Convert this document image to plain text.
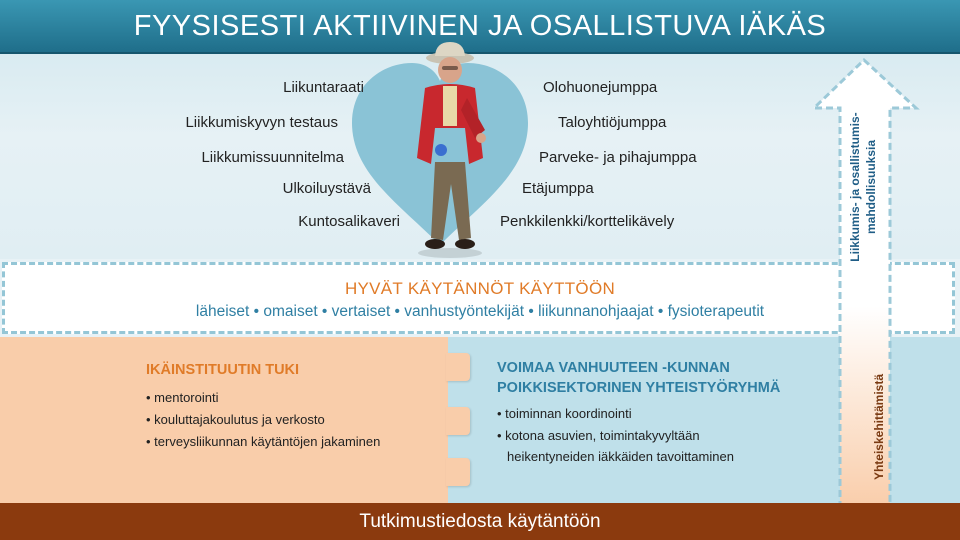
FYYSISESTI AKTIIVINEN JA OSALLISTUVA IÄKÄS
Liikuntaraati
Liikkumiskyvyn testaus
Liikkumissuunnitelma
Ulkoiluystävä
Kuntosalikaveri
Olohuonejumppa
Taloyhtiöjumppa
Parveke- ja pihajumppa
Etäjumppa
Penkkilenkki/korttelikävely
HYVÄT KÄYTÄNNÖT KÄYTTÖÖN
läheiset • omaiset • vertaiset • vanhustyöntekijät • liikunnanohjaajat • fysioterapeutit
IKÄINSTITUUTIN TUKI
• mentorointi
• kouluttajakoulutus ja verkosto
• terveysliikunnan käytäntöjen jakaminen
VOIMAA VANHUUTEEN -KUNNAN
POIKKISEKTORINEN YHTEISTYÖRYHMÄ
• toiminnan koordinointi
• kotona asuvien, toimintakyvyltään
heikentyneiden iäkkäiden tavoittaminen
Liikkumis- ja osallistumis- mahdollisuuksia
Yhteiskehittämistä
Tutkimustiedosta käytäntöön
